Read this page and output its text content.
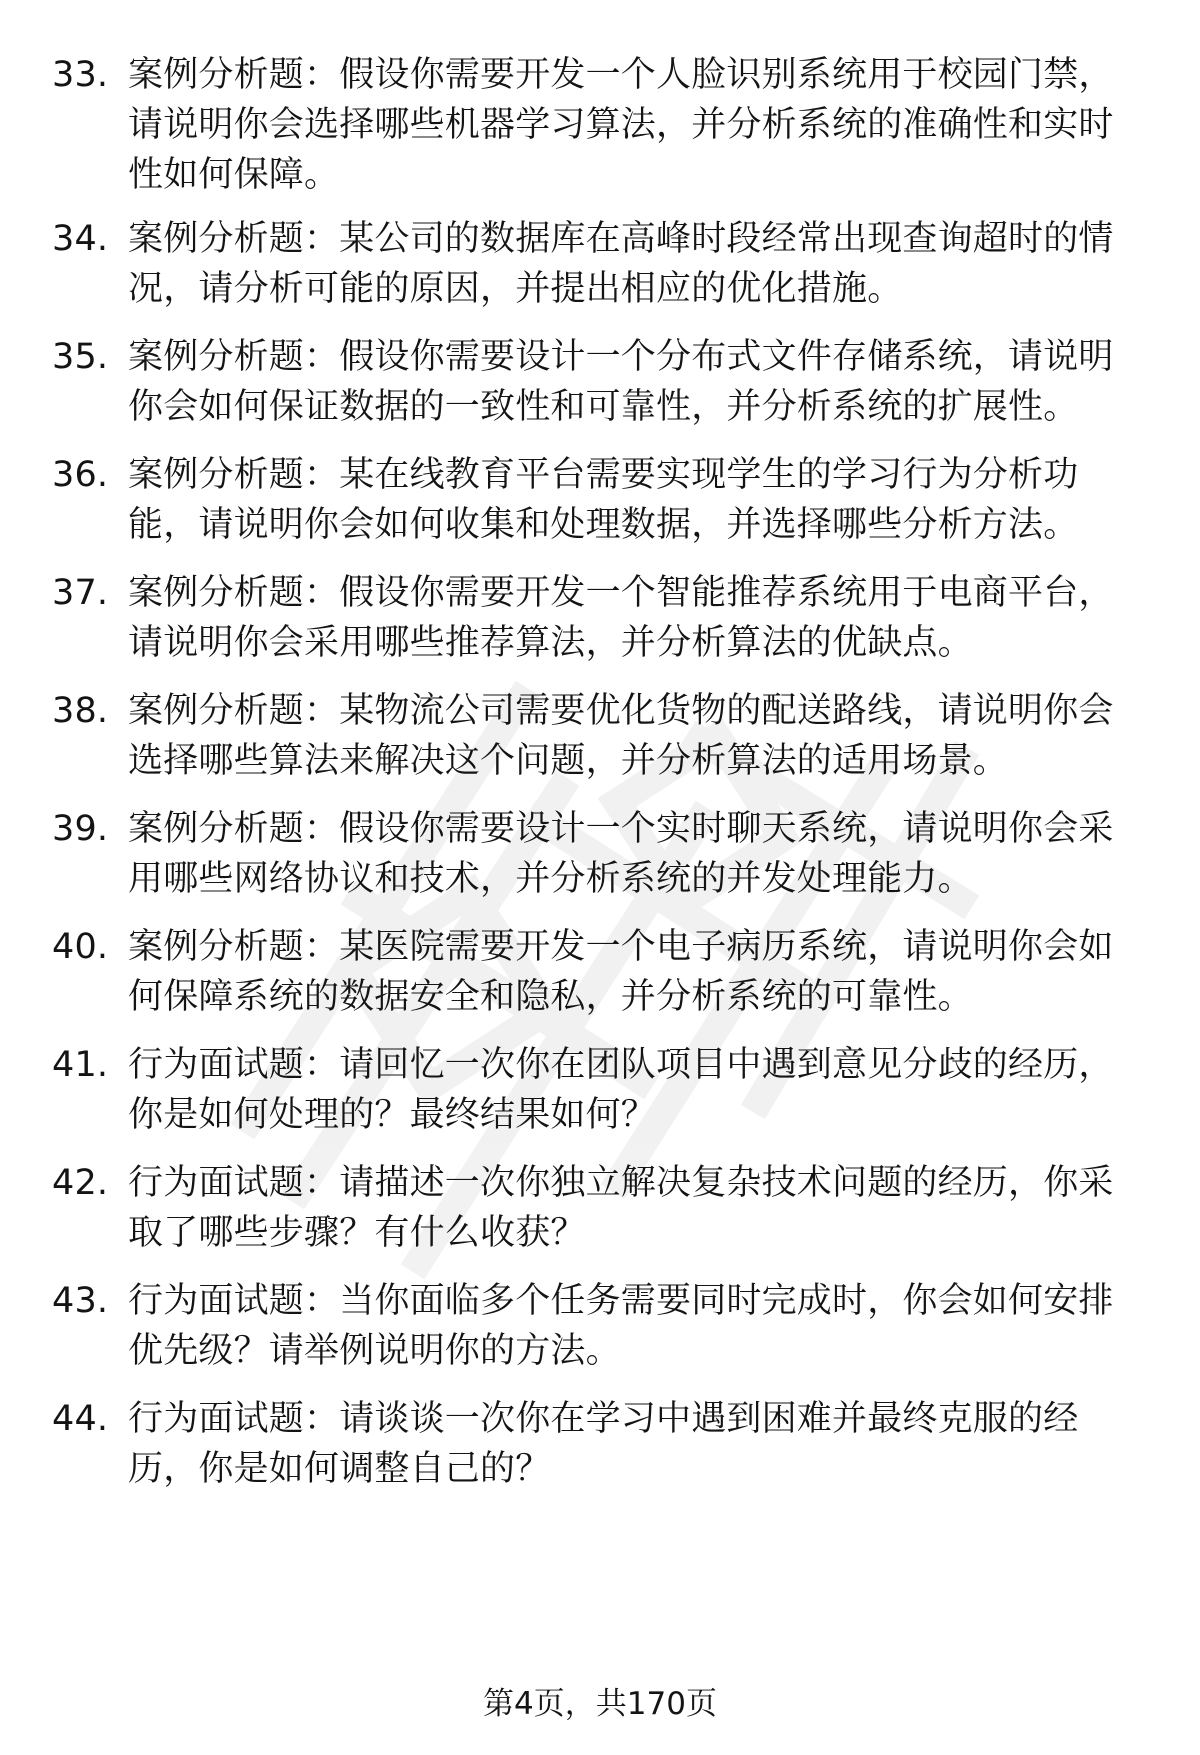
33. 案例分析题：假设你需要开发一个人脸识别系统用于校园门禁，
请说明你会选择哪些机器学习算法，并分析系统的准确性和实时
性如何保障。
34. 案例分析题：某公司的数据库在高峰时段经常出现查询超时的情
况，请分析可能的原因，并提出相应的优化措施。
35. 案例分析题：假设你需要设计一个分布式文件存储系统，请说明
你会如何保证数据的一致性和可靠性，并分析系统的扩展性。
36. 案例分析题：某在线教育平台需要实现学生的学习行为分析功
能，请说明你会如何收集和处理数据，并选择哪些分析方法。
37. 案例分析题：假设你需要开发一个智能推荐系统用于电商平台，
请说明你会采用哪些推荐算法，并分析算法的优缺点。
38. 案例分析题：某物流公司需要优化货物的配送路线，请说明你会
选择哪些算法来解决这个问题，并分析算法的适用场景。
39. 案例分析题：假设你需要设计一个实时聊天系统，请说明你会采
用哪些网络协议和技术，并分析系统的并发处理能力。
40. 案例分析题：某医院需要开发一个电子病历系统，请说明你会如
何保障系统的数据安全和隐私，并分析系统的可靠性。
41. 行为面试题：请回忆一次你在团队项目中遇到意见分歧的经历，
你是如何处理的？最终结果如何？
42. 行为面试题：请描述一次你独立解决复杂技术问题的经历，你采
取了哪些步骤？有什么收获？
43. 行为面试题：当你面临多个任务需要同时完成时，你会如何安排
优先级？请举例说明你的方法。
44. 行为面试题：请谈谈一次你在学习中遇到困难并最终克服的经
历，你是如何调整自己的？
第4页，共170页
